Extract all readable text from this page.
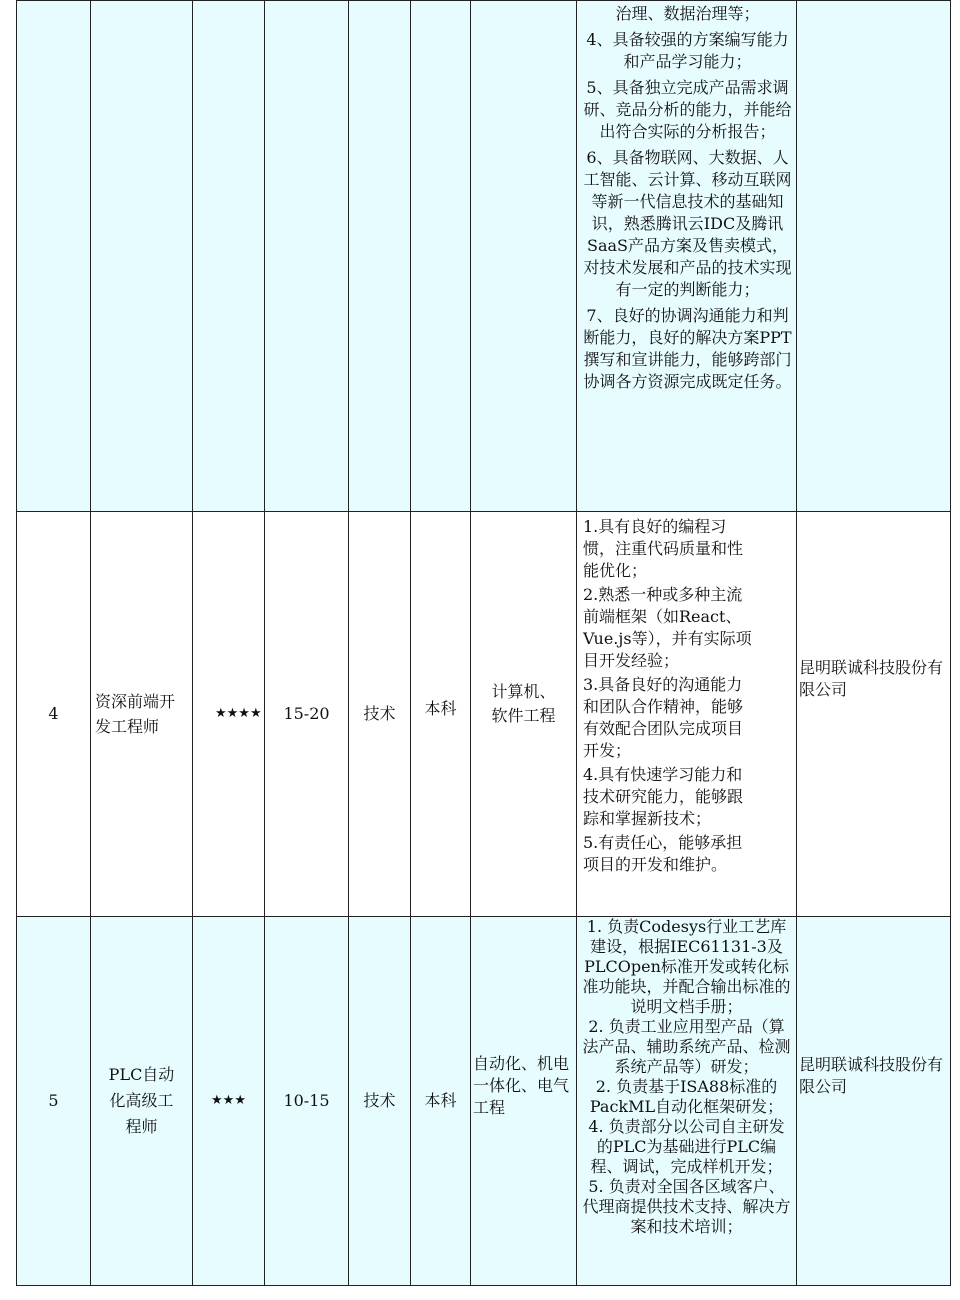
							治理、数据治理等；

4、具备较强的方案编写能力和产品学习能力；

5、具备独立完成产品需求调研、竞品分析的能力，并能给出符合实际的分析报告；

6、具备物联网、大数据、人工智能、云计算、移动互联网等新一代信息技术的基础知识，熟悉腾讯云IDC及腾讯SaaS产品方案及售卖模式，对技术发展和产品的技术实现有一定的判断能力；

7、良好的协调沟通能力和判断能力，良好的解决方案PPT撰写和宣讲能力，能够跨部门协调各方资源完成既定任务。	

4	资深前端开发工程师	★★★★	15-20	技术	本科	计算机、软件工程	1.具有良好的编程习惯，注重代码质量和性能优化；

2.熟悉一种或多种主流前端框架（如React、Vue.js等），并有实际项目开发经验；

3.具备良好的沟通能力和团队合作精神，能够有效配合团队完成项目开发；

4.具有快速学习能力和技术研究能力，能够跟踪和掌握新技术；

5.有责任心，能够承担项目的开发和维护。	昆明联诚科技股份有限公司
5	PLC自动化高级工程师	★★★	10-15	技术	本科	自动化、机电一体化、电气工程	1. 负责Codesys行业工艺库建设，根据IEC61131-3及PLCOpen标准开发或转化标准功能块，并配合输出标准的说明文档手册；

2. 负责工业应用型产品（算法产品、辅助系统产品、检测系统产品等）研发；

2. 负责基于ISA88标准的PackML自动化框架研发；

4. 负责部分以公司自主研发的PLC为基础进行PLC编程、调试，完成样机开发；

5. 负责对全国各区域客户、代理商提供技术支持、解决方案和技术培训；	昆明联诚科技股份有限公司
